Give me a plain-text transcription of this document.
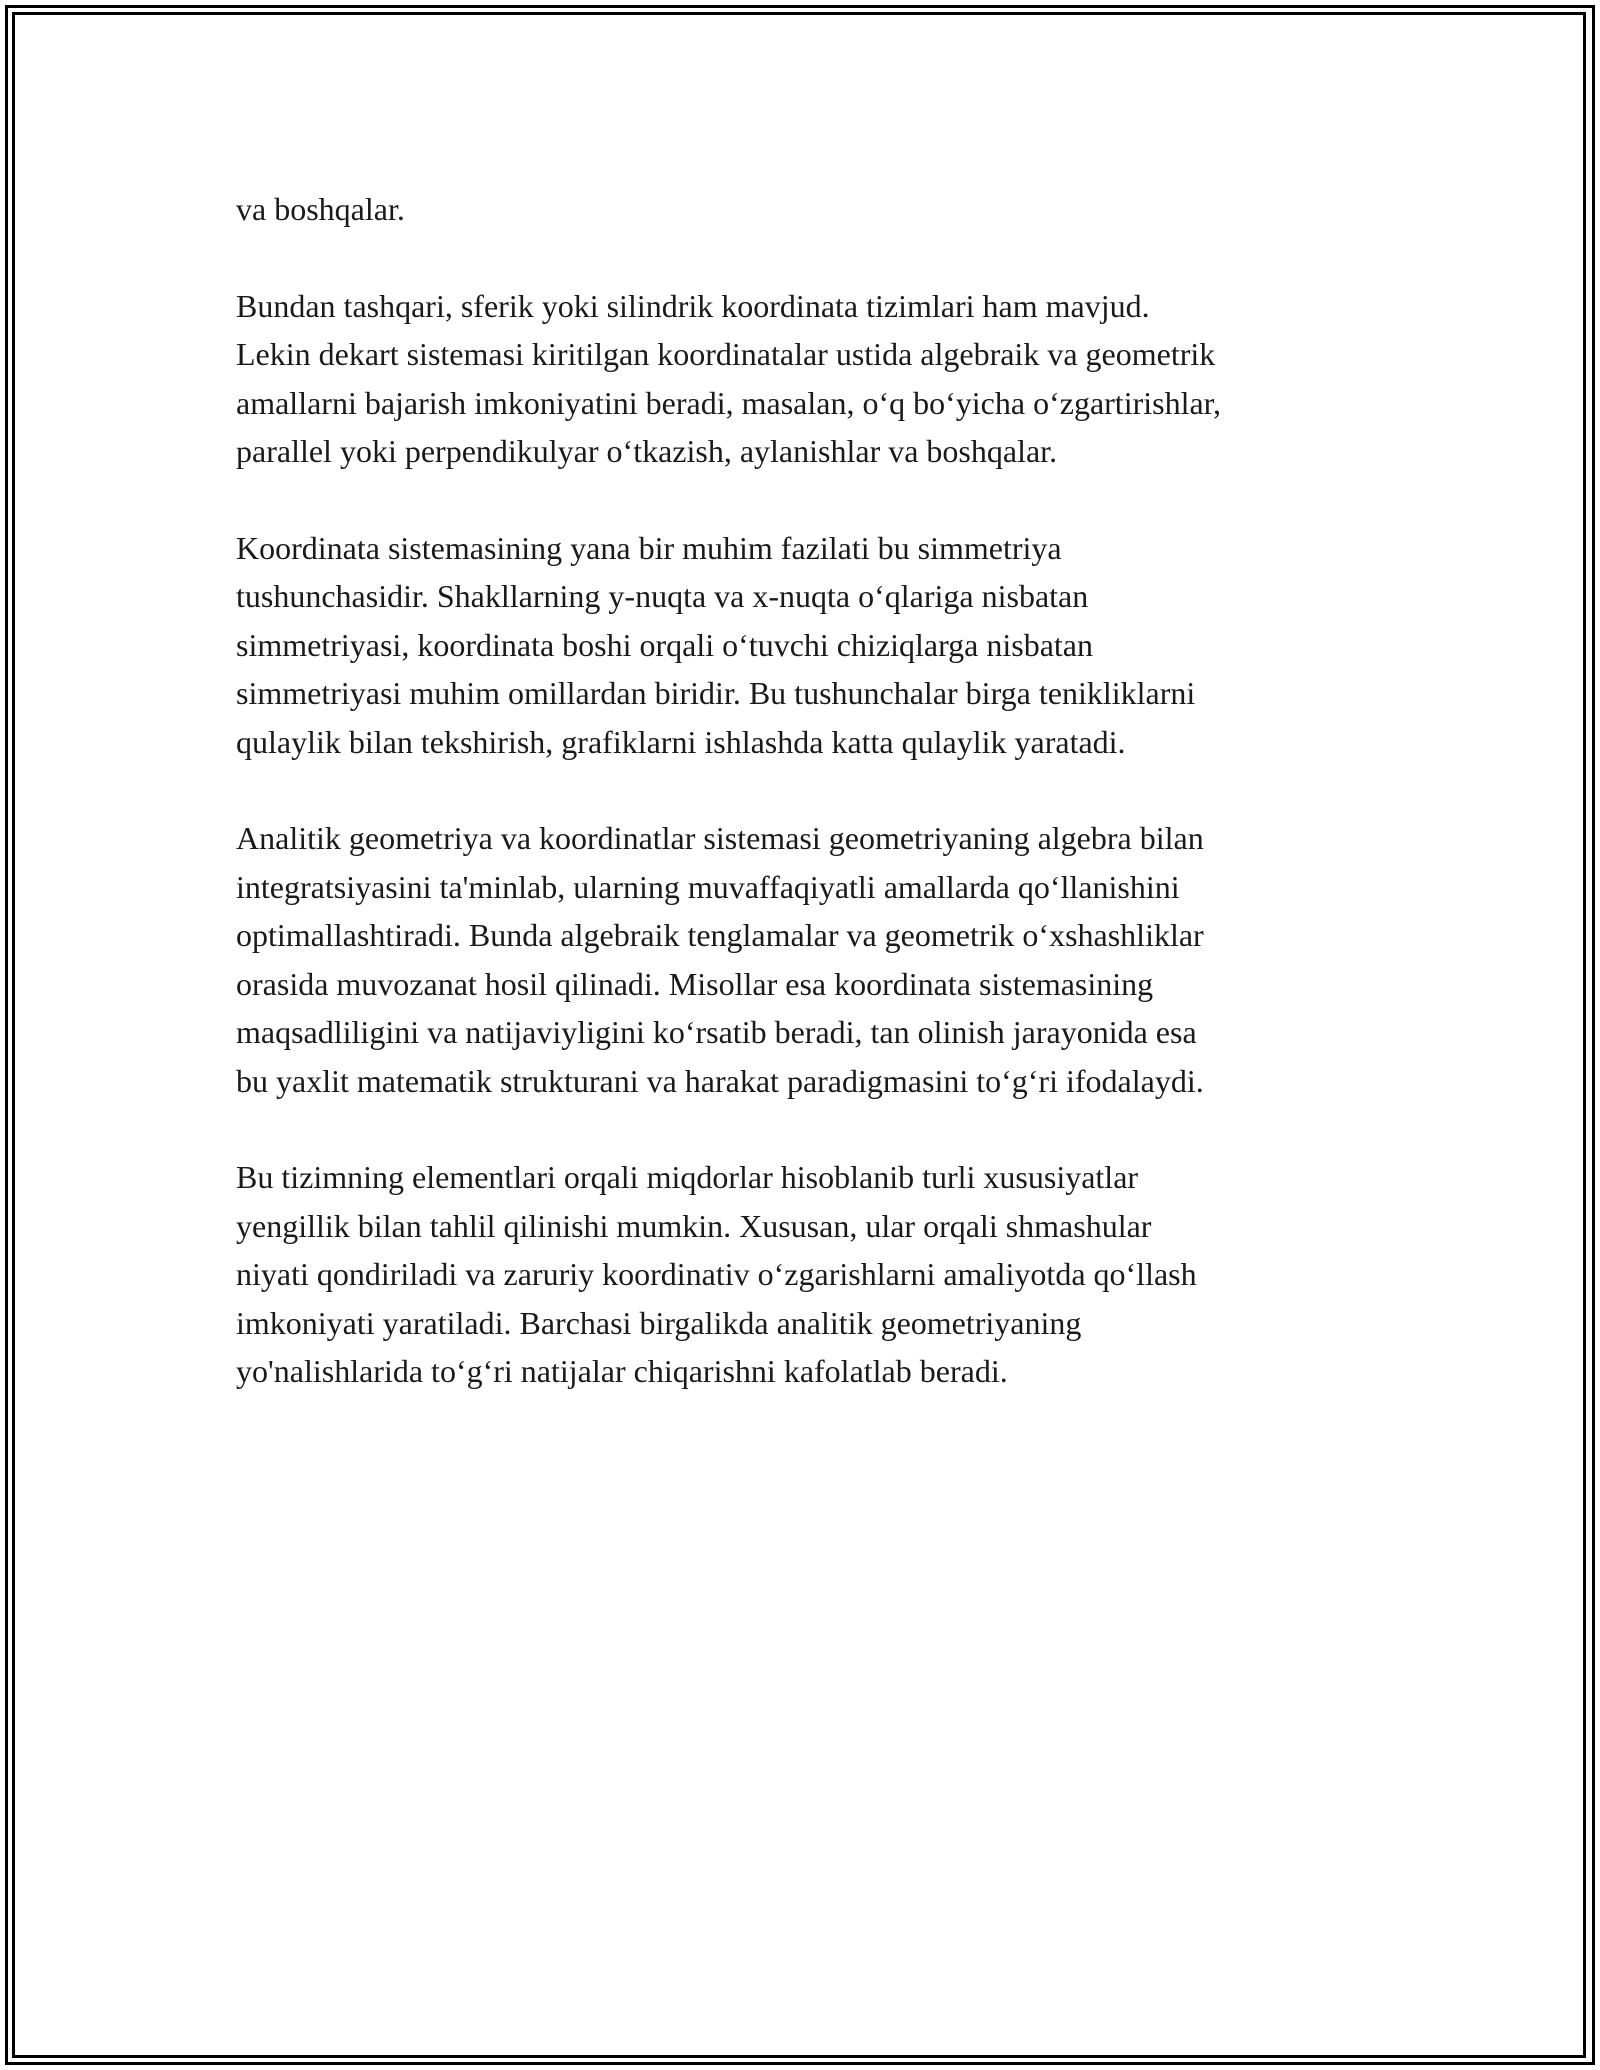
va boshqalar.

Bundan tashqari, sferik yoki silindrik koordinata tizimlari ham mavjud.
Lekin dekart sistemasi kiritilgan koordinatalar ustida algebraik va geometrik
amallarni bajarish imkoniyatini beradi, masalan, o‘q bo‘yicha o‘zgartirishlar,
parallel yoki perpendikulyar o‘tkazish, aylanishlar va boshqalar.

Koordinata sistemasining yana bir muhim fazilati bu simmetriya
tushunchasidir. Shakllarning y-nuqta va x-nuqta o‘qlariga nisbatan
simmetriyasi, koordinata boshi orqali o‘tuvchi chiziqlarga nisbatan
simmetriyasi muhim omillardan biridir. Bu tushunchalar birga tenikliklarni
qulaylik bilan tekshirish, grafiklarni ishlashda katta qulaylik yaratadi.

Analitik geometriya va koordinatlar sistemasi geometriyaning algebra bilan
integratsiyasini ta'minlab, ularning muvaffaqiyatli amallarda qo‘llanishini
optimallashtiradi. Bunda algebraik tenglamalar va geometrik o‘xshashliklar
orasida muvozanat hosil qilinadi. Misollar esa koordinata sistemasining
maqsadliligini va natijaviyligini ko‘rsatib beradi, tan olinish jarayonida esa
bu yaxlit matematik strukturani va harakat paradigmasini to‘g‘ri ifodalaydi.

Bu tizimning elementlari orqali miqdorlar hisoblanib turli xususiyatlar
yengillik bilan tahlil qilinishi mumkin. Xususan, ular orqali shmashular
niyati qondiriladi va zaruriy koordinativ o‘zgarishlarni amaliyotda qo‘llash
imkoniyati yaratiladi. Barchasi birgalikda analitik geometriyaning
yo'nalishlarida to‘g‘ri natijalar chiqarishni kafolatlab beradi.
